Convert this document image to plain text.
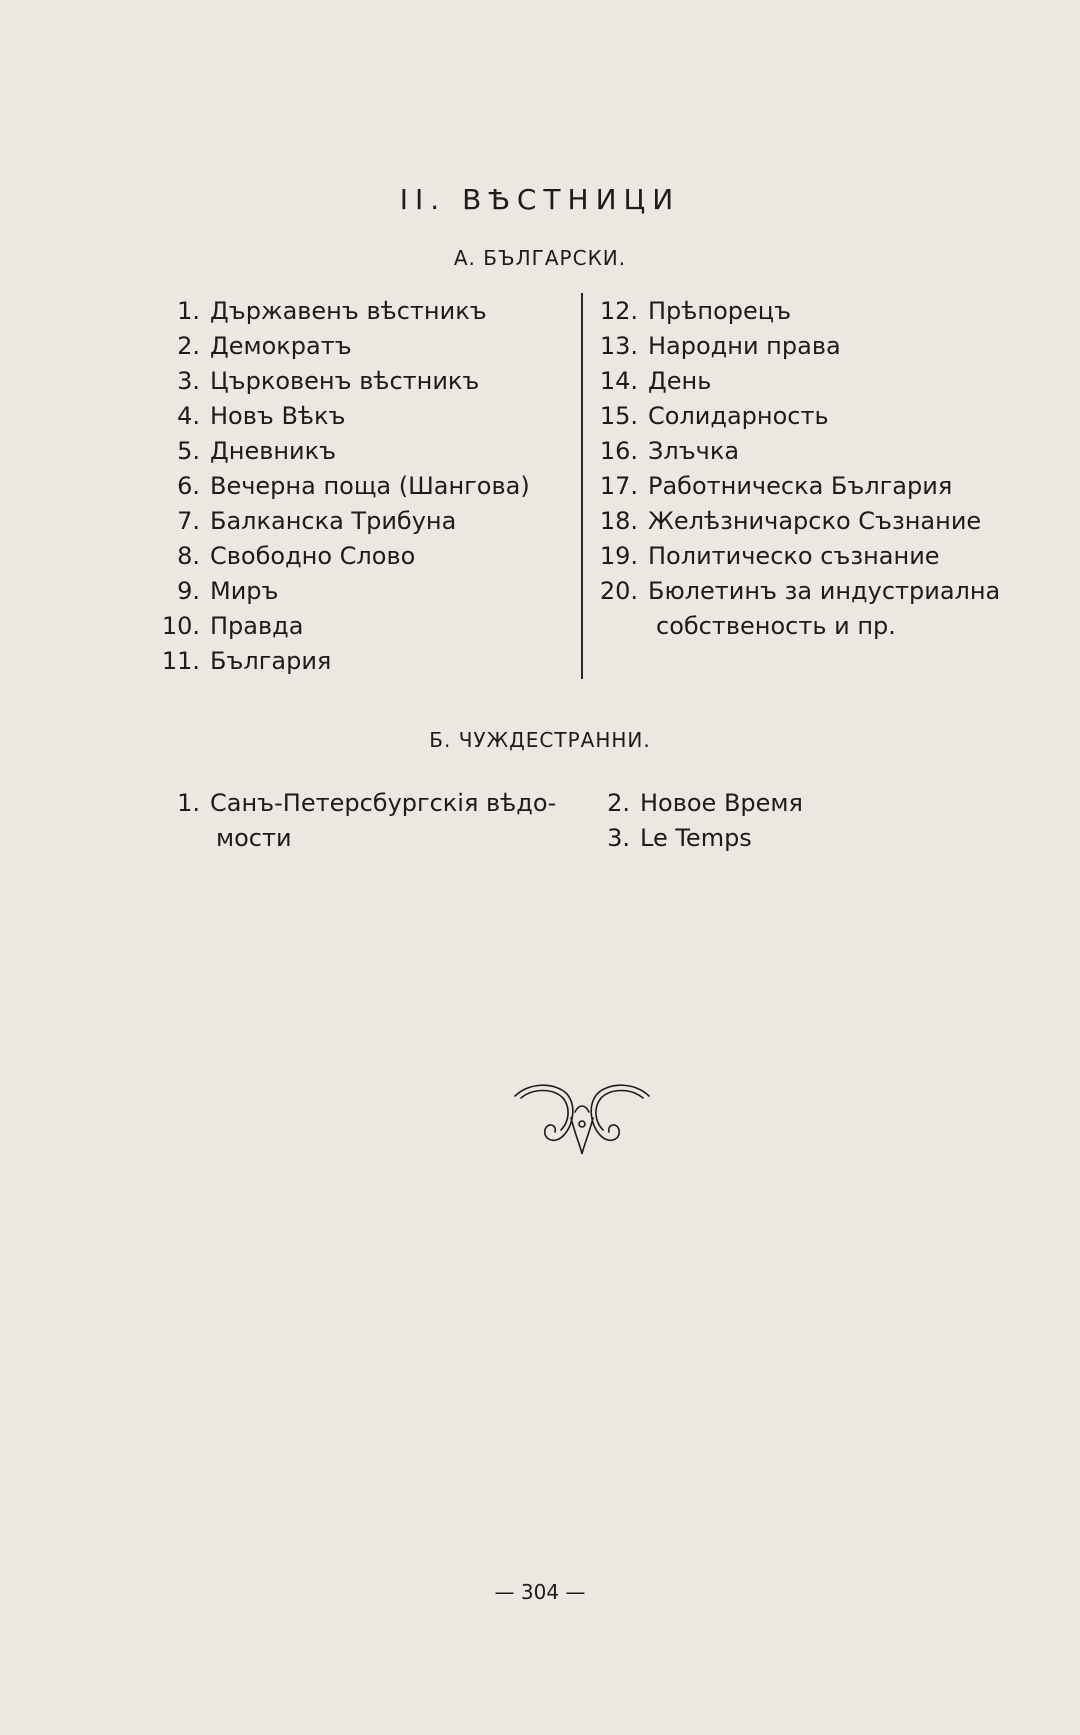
II. ВѢСТНИЦИ
А. БЪЛГАРСКИ.
1. Държавенъ вѣстникъ
2. Демократъ
3. Църковенъ вѣстникъ
4. Новъ Вѣкъ
5. Дневникъ
6. Вечерна поща (Шангова)
7. Балканска Трибуна
8. Свободно Слово
9. Миръ
10. Правда
11. България
12. Прѣпорецъ
13. Народни права
14. День
15. Солидарность
16. Злъчка
17. Работническа България
18. Желѣзничарско Съзнание
19. Политическо съзнание
20. Бюлетинъ за индустриална
собственость и пр.
Б. ЧУЖДЕСТРАННИ.
1. Санъ-Петерсбургскія вѣдо-
мости
2. Новое Время
3. Le Temps
— 304 —
